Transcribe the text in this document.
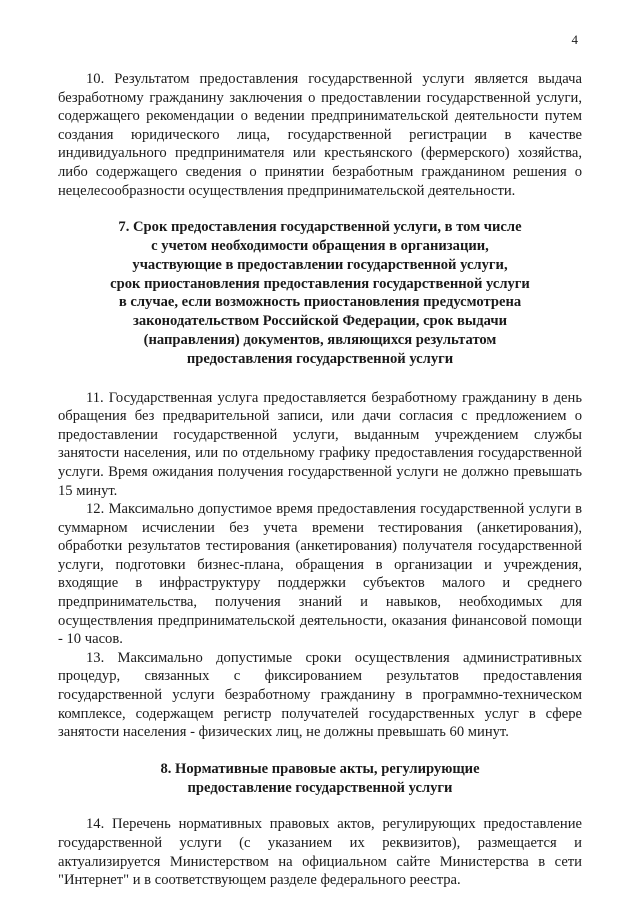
4

10. Результатом предоставления государственной услуги является выдача безработному гражданину заключения о предоставлении государственной услуги, содержащего рекомендации о ведении предпринимательской деятельности путем создания юридического лица, государственной регистрации в качестве индивидуального предпринимателя или крестьянского (фермерского) хозяйства, либо содержащего сведения о принятии безработным гражданином решения о нецелесообразности осуществления предпринимательской деятельности.

7. Срок предоставления государственной услуги, в том числе
с учетом необходимости обращения в организации,
участвующие в предоставлении государственной услуги,
срок приостановления предоставления государственной услуги
в случае, если возможность приостановления предусмотрена
законодательством Российской Федерации, срок выдачи
(направления) документов, являющихся результатом
предоставления государственной услуги

11. Государственная услуга предоставляется безработному гражданину в день обращения без предварительной записи, или дачи согласия с предложением о предоставлении государственной услуги, выданным учреждением службы занятости населения, или по отдельному графику предоставления государственной услуги. Время ожидания получения государственной услуги не должно превышать 15 минут.

12. Максимально допустимое время предоставления государственной услуги в суммарном исчислении без учета времени тестирования (анкетирования), обработки результатов тестирования (анкетирования) получателя государственной услуги, подготовки бизнес-плана, обращения в организации и учреждения, входящие в инфраструктуру поддержки субъектов малого и среднего предпринимательства, получения знаний и навыков, необходимых для осуществления предпринимательской деятельности, оказания финансовой помощи - 10 часов.

13. Максимально допустимые сроки осуществления административных процедур, связанных с фиксированием результатов предоставления государственной услуги безработному гражданину в программно-техническом комплексе, содержащем регистр получателей государственных услуг в сфере занятости населения - физических лиц, не должны превышать 60 минут.

8. Нормативные правовые акты, регулирующие
предоставление государственной услуги

14. Перечень нормативных правовых актов, регулирующих предоставление государственной услуги (с указанием их реквизитов), размещается и актуализируется Министерством на официальном сайте Министерства в сети "Интернет" и в соответствующем разделе федерального реестра.
